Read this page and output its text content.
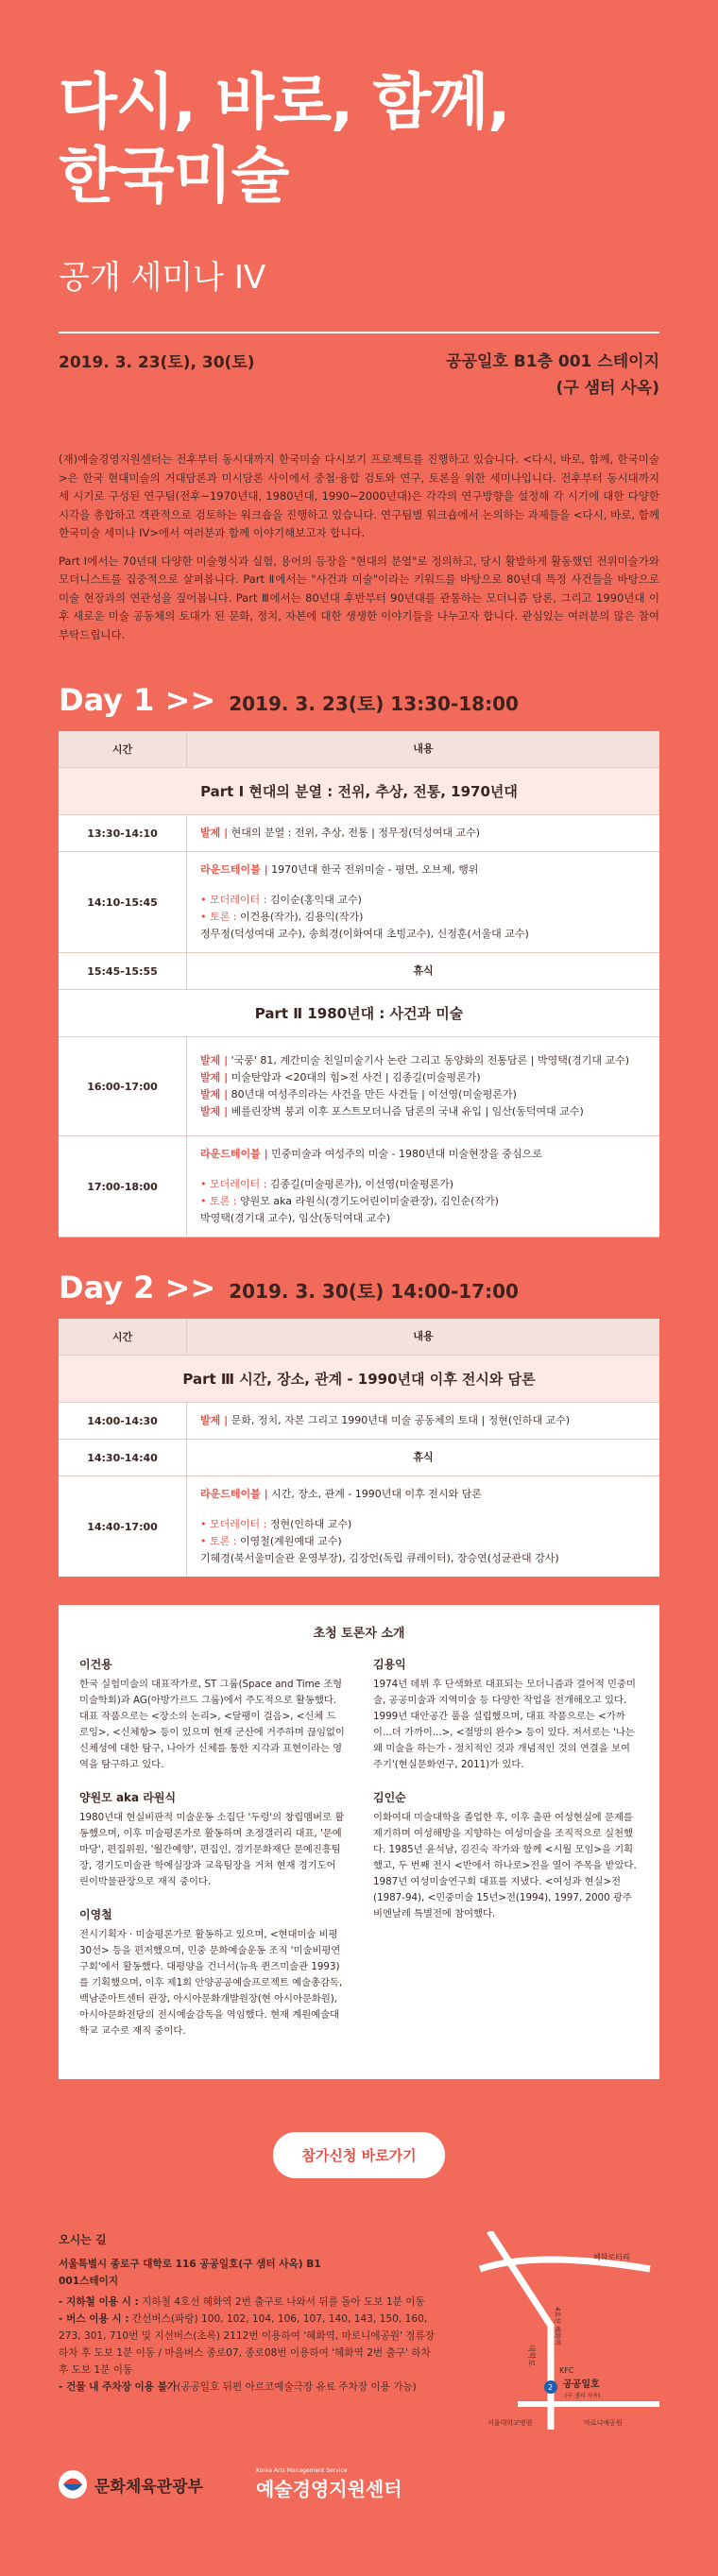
다시, 바로, 함께,
한국미술
공개 세미나 IV
2019. 3. 23(토), 30(토)	공공일호 B1층 001 스테이지
(구 샘터 사옥)

(재)예술경영지원센터는 전후부터 동시대까지 한국미술 다시보기 프로젝트를 진행하고 있습니다. <다시, 바로, 함께, 한국미술>은 한국 현대미술의 거대담론과 미시담론 사이에서 중첩·융합 검토와 연구, 토론을 위한 세미나입니다. 전후부터 동시대까지 세 시기로 구성된 연구팀(전후~1970년대, 1980년대, 1990~2000년대)은 각각의 연구방향을 설정해 각 시기에 대한 다양한 시각을 총합하고 객관적으로 검토하는 워크숍을 진행하고 있습니다. 연구팀별 워크숍에서 논의하는 과제들을 <다시, 바로, 함께 한국미술 세미나 IV>에서 여러분과 함께 이야기해보고자 합니다.

Part Ⅰ에서는 70년대 다양한 미술형식과 실험, 용어의 등장을 "현대의 분열"로 정의하고, 당시 활발하게 활동했던 전위미술가와 모더니스트를 집중적으로 살펴봅니다. Part Ⅱ에서는 "사건과 미술"이라는 키워드를 바탕으로 80년대 특정 사건들을 바탕으로 미술 현장과의 연관성을 짚어봅니다. Part Ⅲ에서는 80년대 후반부터 90년대를 관통하는 모더니즘 담론, 그리고 1990년대 이후 새로운 미술 공동체의 토대가 된 문화, 정치, 자본에 대한 생생한 이야기들을 나누고자 합니다. 관심있는 여러분의 많은 참여 부탁드립니다.

Day 1 >> 2019. 3. 23(토) 13:30-18:00
시간	내용
Part Ⅰ 현대의 분열 : 전위, 추상, 전통, 1970년대
13:30-14:10	발제 | 현대의 분열 : 전위, 추상, 전통 | 정무정(덕성여대 교수)
14:10-15:45
라운드테이블 | 1970년대 한국 전위미술 - 평면, 오브제, 행위
• 모더레이터 : 김이순(홍익대 교수)
• 토론 : 이건용(작가), 김용익(작가)
정무정(덕성여대 교수), 송희경(이화여대 초빙교수), 신정훈(서울대 교수)
15:45-15:55	휴식
Part Ⅱ 1980년대 : 사건과 미술
16:00-17:00
발제 | '국풍' 81, 계간미술 친일미술기사 논란 그리고 동양화의 전통담론 | 박영택(경기대 교수)
발제 | 미술탄압과 <20대의 힘>전 사건 | 김종길(미술평론가)
발제 | 80년대 여성주의라는 사건을 만든 사건들 | 이선영(미술평론가)
발제 | 베를린장벽 붕괴 이후 포스트모더니즘 담론의 국내 유입 | 임산(동덕여대 교수)
17:00-18:00
라운드테이블 | 민중미술과 여성주의 미술 - 1980년대 미술현장을 중심으로
• 모더레이터 : 김종길(미술평론가), 이선영(미술평론가)
• 토론 : 양원모 aka 라원식(경기도어린이미술관장), 김인순(작가)
박영택(경기대 교수), 임산(동덕여대 교수)
Day 2 >> 2019. 3. 30(토) 14:00-17:00
시간	내용
Part Ⅲ 시간, 장소, 관계 - 1990년대 이후 전시와 담론
14:00-14:30	발제 | 문화, 정치, 자본 그리고 1990년대 미술 공동체의 토대 | 정현(인하대 교수)
14:30-14:40	휴식
14:40-17:00
라운드테이블 | 시간, 장소, 관계 - 1990년대 이후 전시와 담론
• 모더레이터 : 정현(인하대 교수)
• 토론 : 이영철(계원예대 교수)
기혜경(북서울미술관 운영부장), 김장언(독립 큐레이터), 장승연(성균관대 강사)
초청 토론자 소개
이건용
한국 실험미술의 대표작가로, ST 그룹(Space and Time 조형미술학회)과 AG(아방가르드 그룹)에서 주도적으로 활동했다. 대표 작품으로는 <장소의 논리>, <달팽이 걸음>, <신체 드로잉>, <신체항> 등이 있으며 현재 군산에 거주하며 끊임없이 신체성에 대한 탐구, 나아가 신체를 통한 지각과 표현이라는 영역을 탐구하고 있다.
양원모 aka 라원식
1980년대 현실비판적 미술운동 소집단 '두렁'의 창립멤버로 활동했으며, 이후 미술평론가로 활동하며 초정갤러리 대표, '문예마당', 편집위원, '월간예향', 편집인, 경기문화재단 문예진흥팀장, 경기도미술관 학예실장과 교육팀장을 거쳐 현재 경기도어린이박물관장으로 재직 중이다.
이영철
전시기획자 · 미술평론가로 활동하고 있으며, <현대미술 비평 30선> 등을 편저했으며, 민중 문화예술운동 조직 '미술비평연구회'에서 활동했다. 대평양을 건너서(뉴욕 퀸즈미술관 1993)를 기획했으며, 이후 제1회 안양공공예술프로젝트 예술총감독, 백남준아트센터 관장, 아시아문화개발원장(현 아시아문화원), 아시아문화전당의 전시예술감독을 역임했다. 현재 계원예술대학교 교수로 재직 중이다.
김용익
1974년 데뷔 후 단색화로 대표되는 모더니즘과 결어적 민중미술, 공공미술과 지역미술 등 다양한 작업을 전개해오고 있다. 1999년 대안공간 풀을 설립했으며, 대표 작품으로는 <가까이...더 가까이...>, <절망의 완수> 등이 있다. 저서로는 '나는 왜 미술을 하는가 - 정치적인 것과 개념적인 것의 연결을 보여주기'(현실문화연구, 2011)가 있다.
김인순
이화여대 미술대학을 졸업한 후, 이후 출판 여성현실에 문제를 제기하며 여성해방을 지향하는 여성미술을 조직적으로 실천했다. 1985년 윤석남, 김진숙 작가와 함께 <시월 모임>을 기획했고, 두 번째 전시 <반에서 하나로>전을 열어 주목을 받았다. 1987년 여성미술연구회 대표를 지냈다. <여성과 현실>전(1987-94), <민중미술 15년>전(1994), 1997, 2000 광주비엔날레 특별전에 참여했다.
참가신청 바로가기
오시는 길
서울특별시 종로구 대학로 116 공공일호(구 샘터 사옥) B1
001스테이지
- 지하철 이용 시 : 지하철 4호선 혜화역 2번 출구로 나와서 뒤를 돌아 도보 1분 이동
- 버스 이용 시 : 간선버스(파랑) 100, 102, 104, 106, 107, 140, 143, 150, 160, 273, 301, 710번 및 지선버스(초록) 2112번 이용하여 '혜화역, 마로니에공원' 정류장 하차 후 도보 1분 이동 / 마을버스 종로07, 종로08번 이용하여 '혜화역 2번 출구' 하차 후 도보 1분 이동
- 건물 내 주차장 이용 불가(공공일호 뒤편 아르코예술극장 유료 주차장 이용 가능)
혜화로터리
대학로
KFC
4호선 혜화역
2 공공일호
(구 샘터 사옥)
서울대학교병원	마로니에공원
문화체육관광부
Korea Arts Management Service
예술경영지원센터
